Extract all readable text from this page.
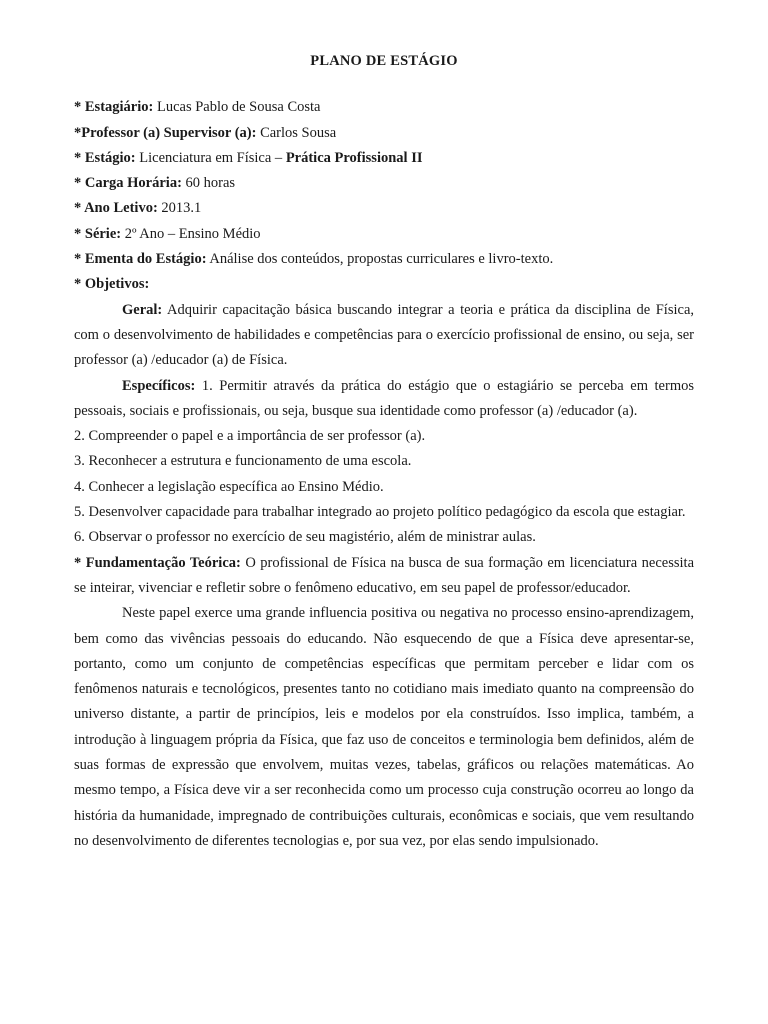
PLANO DE ESTÁGIO
* Estagiário: Lucas Pablo de Sousa Costa
*Professor (a) Supervisor (a): Carlos Sousa
* Estágio: Licenciatura em Física – Prática Profissional II
* Carga Horária: 60 horas
* Ano Letivo: 2013.1
* Série: 2º Ano – Ensino Médio
* Ementa do Estágio: Análise dos conteúdos, propostas curriculares e livro-texto.
* Objetivos:

Geral: Adquirir capacitação básica buscando integrar a teoria e prática da disciplina de Física, com o desenvolvimento de habilidades e competências para o exercício profissional de ensino, ou seja, ser professor (a) /educador (a) de Física.

Específicos: 1. Permitir através da prática do estágio que o estagiário se perceba em termos pessoais, sociais e profissionais, ou seja, busque sua identidade como professor (a) /educador (a).

2. Compreender o papel e a importância de ser professor (a).

3. Reconhecer a estrutura e funcionamento de uma escola.

4. Conhecer a legislação específica ao Ensino Médio.

5. Desenvolver capacidade para trabalhar integrado ao projeto político pedagógico da escola que estagiar.

6. Observar o professor no exercício de seu magistério, além de ministrar aulas.

* Fundamentação Teórica: O profissional de Física na busca de sua formação em licenciatura necessita se inteirar, vivenciar e refletir sobre o fenômeno educativo, em seu papel de professor/educador.

Neste papel exerce uma grande influencia positiva ou negativa no processo ensino-aprendizagem, bem como das vivências pessoais do educando. Não esquecendo de que a Física deve apresentar-se, portanto, como um conjunto de competências específicas que permitam perceber e lidar com os fenômenos naturais e tecnológicos, presentes tanto no cotidiano mais imediato quanto na compreensão do universo distante, a partir de princípios, leis e modelos por ela construídos. Isso implica, também, a introdução à linguagem própria da Física, que faz uso de conceitos e terminologia bem definidos, além de suas formas de expressão que envolvem, muitas vezes, tabelas, gráficos ou relações matemáticas. Ao mesmo tempo, a Física deve vir a ser reconhecida como um processo cuja construção ocorreu ao longo da história da humanidade, impregnado de contribuições culturais, econômicas e sociais, que vem resultando no desenvolvimento de diferentes tecnologias e, por sua vez, por elas sendo impulsionado.
